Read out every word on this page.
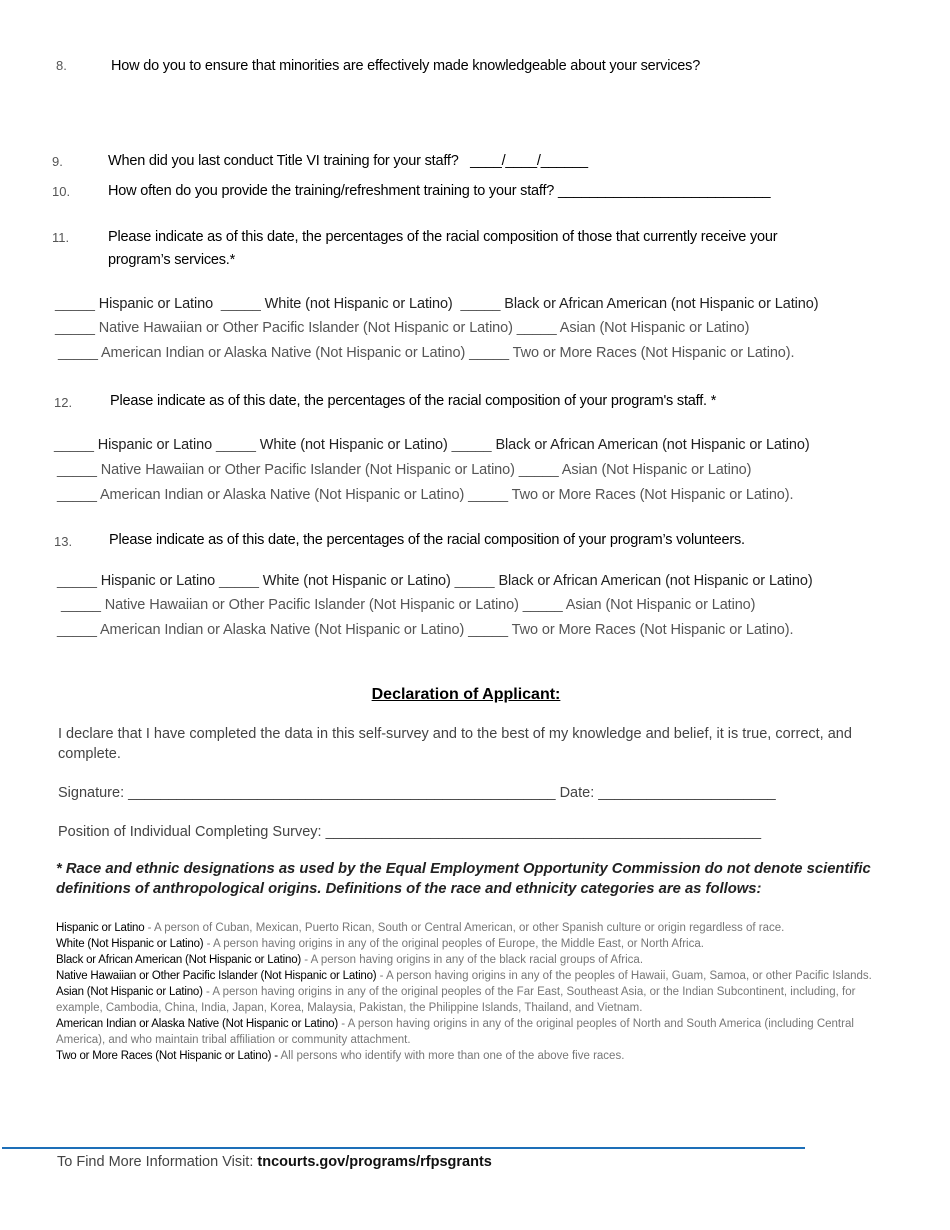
8.	How do you to ensure that minorities are effectively made knowledgeable about your services?
9.	When did you last conduct Title VI training for your staff? ____/____/______
10.	How often do you provide the training/refreshment training to your staff? ___________________________
11.	Please indicate as of this date, the percentages of the racial composition of those that currently receive your
program’s services.*
_____ Hispanic or Latino _____ White (not Hispanic or Latino) _____ Black or African American (not Hispanic or Latino)
_____ Native Hawaiian or Other Pacific Islander (Not Hispanic or Latino) _____ Asian (Not Hispanic or Latino)
_____ American Indian or Alaska Native (Not Hispanic or Latino) _____ Two or More Races (Not Hispanic or Latino).
12.	Please indicate as of this date, the percentages of the racial composition of your program's staff. *
_____ Hispanic or Latino _____ White (not Hispanic or Latino) _____ Black or African American (not Hispanic or Latino)
_____ Native Hawaiian or Other Pacific Islander (Not Hispanic or Latino) _____ Asian (Not Hispanic or Latino)
_____ American Indian or Alaska Native (Not Hispanic or Latino) _____ Two or More Races (Not Hispanic or Latino).
13.	Please indicate as of this date, the percentages of the racial composition of your program’s volunteers.
_____ Hispanic or Latino _____ White (not Hispanic or Latino) _____ Black or African American (not Hispanic or Latino)
_____ Native Hawaiian or Other Pacific Islander (Not Hispanic or Latino) _____ Asian (Not Hispanic or Latino)
_____ American Indian or Alaska Native (Not Hispanic or Latino) _____ Two or More Races (Not Hispanic or Latino).
Declaration of Applicant:
I declare that I have completed the data in this self-survey and to the best of my knowledge and belief, it is true, correct, and complete.
Signature: _____________________________________________________ Date: ______________________
Position of Individual Completing Survey: ______________________________________________________
* Race and ethnic designations as used by the Equal Employment Opportunity Commission do not denote scientific definitions of anthropological origins. Definitions of the race and ethnicity categories are as follows:
Hispanic or Latino - A person of Cuban, Mexican, Puerto Rican, South or Central American, or other Spanish culture or origin regardless of race.
White (Not Hispanic or Latino) - A person having origins in any of the original peoples of Europe, the Middle East, or North Africa.
Black or African American (Not Hispanic or Latino) - A person having origins in any of the black racial groups of Africa.
Native Hawaiian or Other Pacific Islander (Not Hispanic or Latino) - A person having origins in any of the peoples of Hawaii, Guam, Samoa, or other Pacific Islands.
Asian (Not Hispanic or Latino) - A person having origins in any of the original peoples of the Far East, Southeast Asia, or the Indian Subcontinent, including, for example, Cambodia, China, India, Japan, Korea, Malaysia, Pakistan, the Philippine Islands, Thailand, and Vietnam.
American Indian or Alaska Native (Not Hispanic or Latino) - A person having origins in any of the original peoples of North and South America (including Central America), and who maintain tribal affiliation or community attachment.
Two or More Races (Not Hispanic or Latino) - All persons who identify with more than one of the above five races.
To Find More Information Visit: tncourts.gov/programs/rfpsgrants
